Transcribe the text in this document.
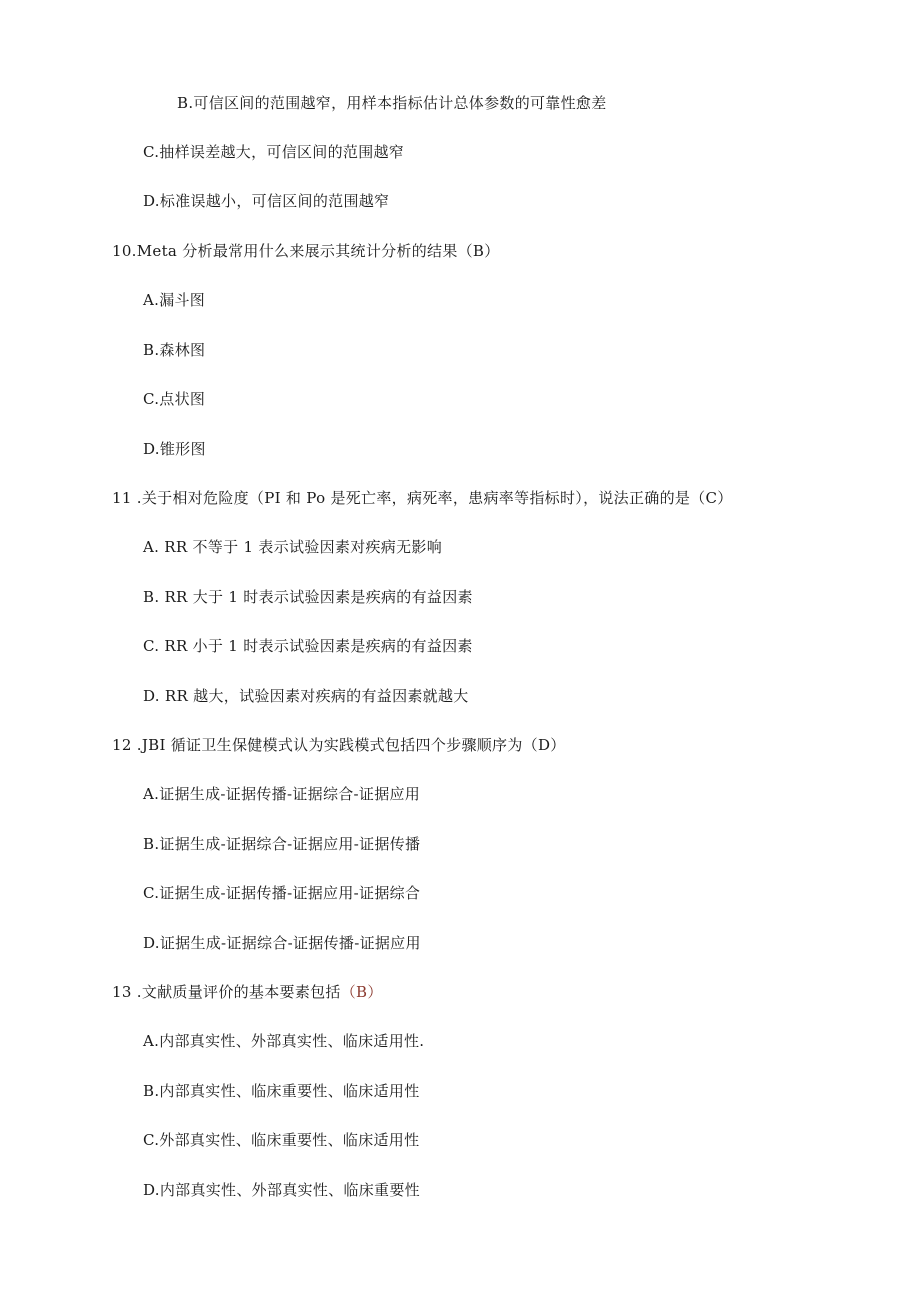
B.可信区间的范围越窄，用样本指标估计总体参数的可靠性愈差
C.抽样误差越大，可信区间的范围越窄
D.标准误越小，可信区间的范围越窄
10.Meta 分析最常用什么来展示其统计分析的结果（B）
A.漏斗图
B.森林图
C.点状图
D.锥形图
11 .关于相对危险度（PI 和 Po 是死亡率，病死率，患病率等指标时），说法正确的是（C）
A. RR 不等于 1 表示试验因素对疾病无影响
B. RR 大于 1 时表示试验因素是疾病的有益因素
C. RR 小于 1 时表示试验因素是疾病的有益因素
D. RR 越大，试验因素对疾病的有益因素就越大
12 .JBI 循证卫生保健模式认为实践模式包括四个步骤顺序为（D）
A.证据生成-证据传播-证据综合-证据应用
B.证据生成-证据综合-证据应用-证据传播
C.证据生成-证据传播-证据应用-证据综合
D.证据生成-证据综合-证据传播-证据应用
13 .文献质量评价的基本要素包括（B）
A.内部真实性、外部真实性、临床适用性.
B.内部真实性、临床重要性、临床适用性
C.外部真实性、临床重要性、临床适用性
D.内部真实性、外部真实性、临床重要性
